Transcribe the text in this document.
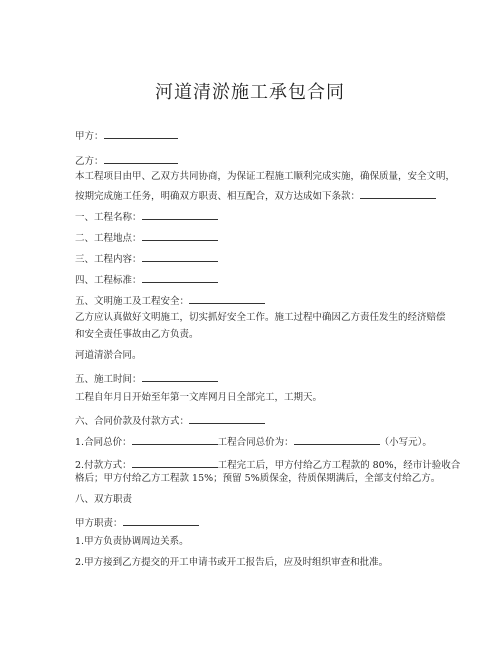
河道清淤施工承包合同
甲方：
乙方：
本工程项目由甲、乙双方共同协商，为保证工程施工顺利完成实施，确保质量，安全文明，
按期完成施工任务，明确双方职责、相互配合，双方达成如下条款：
一、工程名称：
二、工程地点：
三、工程内容：
四、工程标准：
五、文明施工及工程安全：
乙方应认真做好文明施工，切实抓好安全工作。施工过程中确因乙方责任发生的经济赔偿
和安全责任事故由乙方负责。
河道清淤合同。
五、施工时间：
工程自年月日开始至年第一文库网月日全部完工，工期天。
六、合同价款及付款方式：
1.合同总价：	工程合同总价为：	（小写元）。
2.付款方式：	工程完工后，甲方付给乙方工程款的 80%，经市计验收合
格后；甲方付给乙方工程款 15%；预留 5%质保金，待质保期满后，全部支付给乙方。
八、双方职责
甲方职责：
1.甲方负责协调周边关系。
2.甲方接到乙方提交的开工申请书或开工报告后，应及时组织审查和批准。
